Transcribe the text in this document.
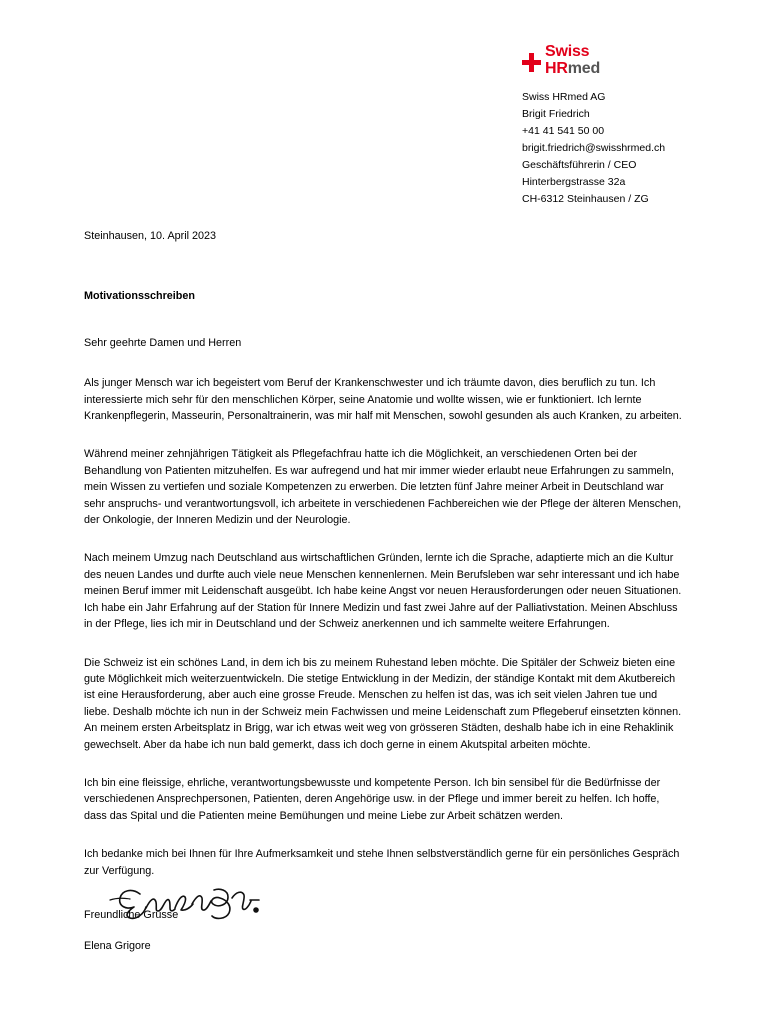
Swiss
HRmed
Swiss HRmed AG
Brigit Friedrich
+41 41 541 50 00
brigit.friedrich@swisshrmed.ch
Geschäftsführerin / CEO
Hinterbergstrasse 32a
CH-6312 Steinhausen / ZG
Steinhausen, 10. April 2023
Motivationsschreiben
Sehr geehrte Damen und Herren

Als junger Mensch war ich begeistert vom Beruf der Krankenschwester und ich träumte davon, dies beruflich zu tun. Ich interessierte mich sehr für den menschlichen Körper, seine Anatomie und wollte wissen, wie er funktioniert. Ich lernte Krankenpflegerin, Masseurin, Personaltrainerin, was mir half mit Menschen, sowohl gesunden als auch Kranken, zu arbeiten.

Während meiner zehnjährigen Tätigkeit als Pflegefachfrau hatte ich die Möglichkeit, an verschiedenen Orten bei der Behandlung von Patienten mitzuhelfen. Es war aufregend und hat mir immer wieder erlaubt neue Erfahrungen zu sammeln, mein Wissen zu vertiefen und soziale Kompetenzen zu erwerben. Die letzten fünf Jahre meiner Arbeit in Deutschland war sehr anspruchs- und verantwortungsvoll, ich arbeitete in verschiedenen Fachbereichen wie der Pflege der älteren Menschen, der Onkologie, der Inneren Medizin und der Neurologie.

Nach meinem Umzug nach Deutschland aus wirtschaftlichen Gründen, lernte ich die Sprache, adaptierte mich an die Kultur des neuen Landes und durfte auch viele neue Menschen kennenlernen. Mein Berufsleben war sehr interessant und ich habe meinen Beruf immer mit Leidenschaft ausgeübt. Ich habe keine Angst vor neuen Herausforderungen oder neuen Situationen. Ich habe ein Jahr Erfahrung auf der Station für Innere Medizin und fast zwei Jahre auf der Palliativstation. Meinen Abschluss in der Pflege, lies ich mir in Deutschland und der Schweiz anerkennen und ich sammelte weitere Erfahrungen.

Die Schweiz ist ein schönes Land, in dem ich bis zu meinem Ruhestand leben möchte. Die Spitäler der Schweiz bieten eine gute Möglichkeit mich weiterzuentwickeln. Die stetige Entwicklung in der Medizin, der ständige Kontakt mit dem Akutbereich ist eine Herausforderung, aber auch eine grosse Freude. Menschen zu helfen ist das, was ich seit vielen Jahren tue und liebe. Deshalb möchte ich nun in der Schweiz mein Fachwissen und meine Leidenschaft zum Pflegeberuf einsetzten können. An meinem ersten Arbeitsplatz in Brigg, war ich etwas weit weg von grösseren Städten, deshalb habe ich in eine Rehaklinik gewechselt. Aber da habe ich nun bald gemerkt, dass ich doch gerne in einem Akutspital arbeiten möchte.

Ich bin eine fleissige, ehrliche, verantwortungsbewusste und kompetente Person. Ich bin sensibel für die Bedürfnisse der verschiedenen Ansprechpersonen, Patienten, deren Angehörige usw. in der Pflege und immer bereit zu helfen. Ich hoffe, dass das Spital und die Patienten meine Bemühungen und meine Liebe zur Arbeit schätzen werden.

Ich bedanke mich bei Ihnen für Ihre Aufmerksamkeit und stehe Ihnen selbstverständlich gerne für ein persönliches Gespräch zur Verfügung.

Freundliche Grüsse
Elena Grigore
